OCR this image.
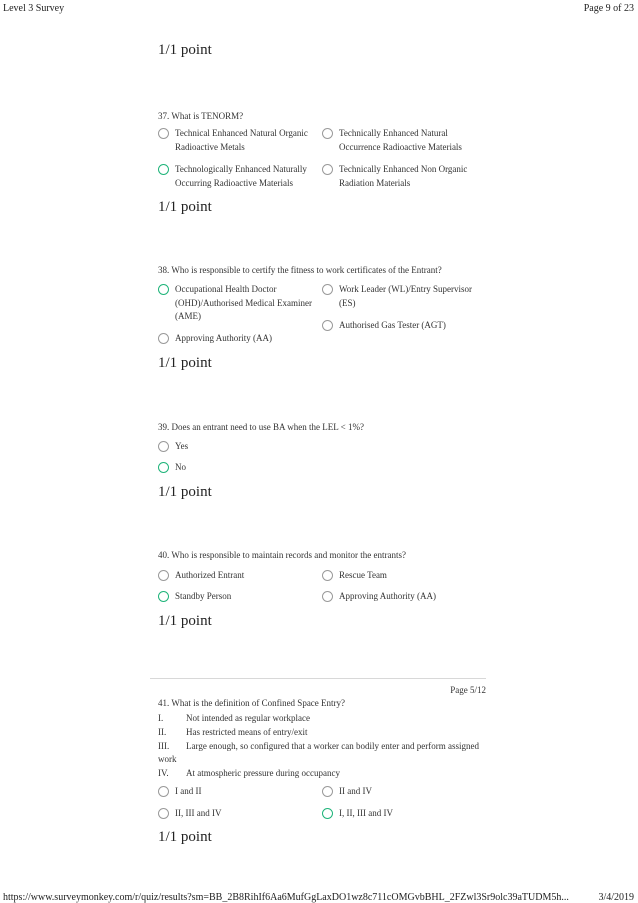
Level 3 Survey	Page 9 of 23
1/1 point
37. What is TENORM?
Technical Enhanced Natural Organic Radioactive Metals
Technically Enhanced Natural Occurrence Radioactive Materials
Technologically Enhanced Naturally Occurring Radioactive Materials
Technically Enhanced Non Organic Radiation Materials
1/1 point
38. Who is responsible to certify the fitness to work certificates of the Entrant?
Occupational Health Doctor (OHD)/Authorised Medical Examiner (AME)
Work Leader (WL)/Entry Supervisor (ES)
Authorised Gas Tester (AGT)
Approving Authority (AA)
1/1 point
39. Does an entrant need to use BA when the LEL < 1%?
Yes
No
1/1 point
40. Who is responsible to maintain records and monitor the entrants?
Authorized Entrant	Rescue Team
Standby Person	Approving Authority (AA)
1/1 point
Page 5/12
41. What is the definition of Confined Space Entry?
I.	Not intended as regular workplace
II. Has restricted means of entry/exit
III. Large enough, so configured that a worker can bodily enter and perform assigned
work
IV. At atmospheric pressure during occupancy
I and II	II and IV
II, III and IV	I, II, III and IV
1/1 point
https://www.surveymonkey.com/r/quiz/results?sm=BB_2B8RihIf6Aa6MufGgLaxDO1wz8c711cOMGvbBHL_2FZwl3Sr9olc39aTUDM5h...	3/4/2019
